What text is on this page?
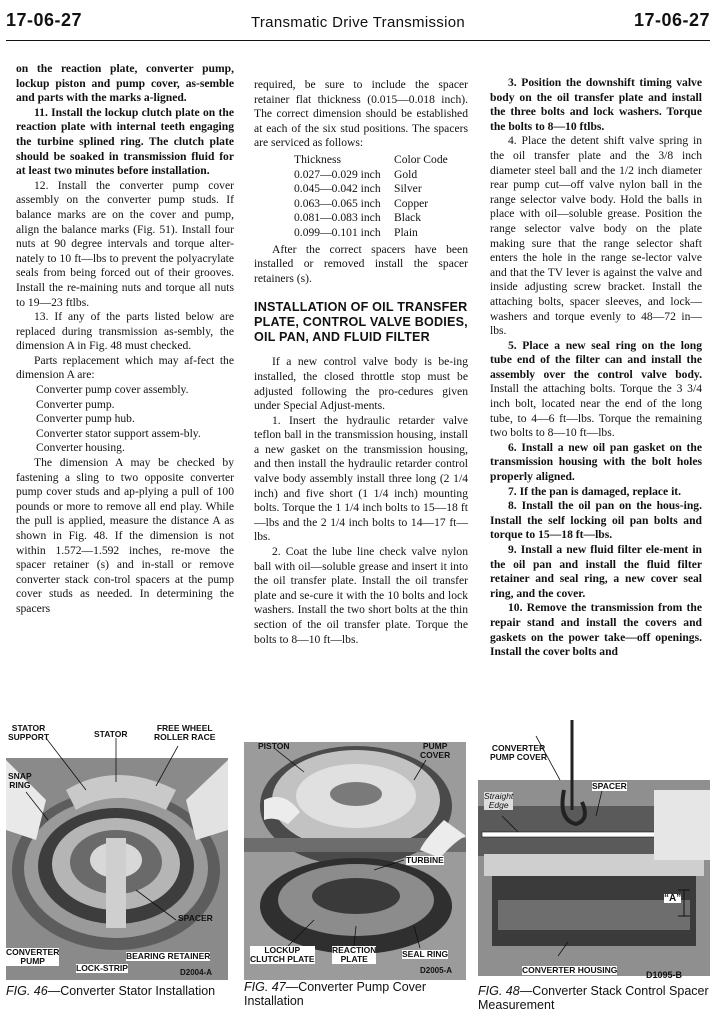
17-06-27	Transmatic Drive Transmission	17-06-27

on the reaction plate, converter pump, lockup piston and pump cover, as-semble and parts with the marks a-ligned.

11. Install the lockup clutch plate on the reaction plate with internal teeth engaging the turbine splined ring. The clutch plate should be soaked in transmission fluid for at least two minutes before installation.

12. Install the converter pump cover assembly on the converter pump studs. If balance marks are on the cover and pump, align the balance marks (Fig. 51). Install four nuts at 90 degree intervals and torque alter-nately to 10 ft—lbs to prevent the polyacrylate seals from being forced out of their grooves. Install the re-maining nuts and torque all nuts to 19—23 ftlbs.

13. If any of the parts listed below are replaced during transmission as-sembly, the dimension A in Fig. 48 must checked.

Parts replacement which may af-fect the dimension A are:

Converter pump cover assembly.

Converter pump.

Converter pump hub.

Converter stator support assem-bly.

Converter housing.

The dimension A may be checked by fastening a sling to two opposite converter pump cover studs and ap-plying a pull of 100 pounds or more to remove all end play. While the pull is applied, measure the distance A as shown in Fig. 48. If the dimension is not within 1.572—1.592 inches, re-move the spacer retainer (s) and in-stall or remove converter stack con-trol spacers at the pump cover studs as needed. In determining the spacers

required, be sure to include the spacer retainer flat thickness (0.015—0.018 inch). The correct dimension should be established at each of the six stud positions. The spacers are serviced as follows:

Thickness	Color Code
0.027—0.029 inch	Gold
0.045—0.042 inch	Silver
0.063—0.065 inch	Copper
0.081—0.083 inch	Black
0.099—0.101 inch	Plain

After the correct spacers have been installed or removed install the spacer retainers (s).

INSTALLATION OF OIL TRANSFER PLATE, CONTROL VALVE BODIES, OIL PAN, AND FLUID FILTER

If a new control valve body is be-ing installed, the closed throttle stop must be adjusted following the pro-cedures given under Special Adjust-ments.

1. Insert the hydraulic retarder valve teflon ball in the transmission housing, install a new gasket on the transmission housing, and then install the hydraulic retarder control valve body assembly install three long (2 1/4 inch) and five short (1 1/4 inch) mounting bolts. Torque the 1 1/4 inch bolts to 15—18 ft—lbs and the 2 1/4 inch bolts to 14—17 ft—lbs.

2. Coat the lube line check valve nylon ball with oil—soluble grease and insert it into the oil transfer plate. Install the oil transfer plate and se-cure it with the 10 bolts and lock washers. Install the two short bolts at the thin section of the oil transfer plate. Torque the bolts to 8—10 ft—lbs.

3. Position the downshift timing valve body on the oil transfer plate and install the three bolts and lock washers. Torque the bolts to 8—10 ftlbs.

4. Place the detent shift valve spring in the oil transfer plate and the 3/8 inch diameter steel ball and the 1/2 inch diameter rear pump cut—off valve nylon ball in the range selector valve body. Hold the balls in place with oil—soluble grease. Position the range selector valve body on the plate making sure that the range selector shaft enters the hole in the range se-lector valve and that the TV lever is against the valve and inside adjusting screw bracket. Install the attaching bolts, spacer sleeves, and lock—washers and torque evenly to 48—72 in—lbs.

5. Place a new seal ring on the long tube end of the filter can and install the assembly over the control valve body. Install the attaching bolts. Torque the 3 3/4 inch bolt, located near the end of the long tube, to 4—6 ft—lbs. Torque the remaining two bolts to 8—10 ft—lbs.

6. Install a new oil pan gasket on the transmission housing with the bolt holes properly aligned.

7. If the pan is damaged, replace it.

8. Install the oil pan on the hous-ing. Install the self locking oil pan bolts and torque to 15—18 ft—lbs.

9. Install a new fluid filter ele-ment in the oil pan and install the fluid filter retainer and seal ring, a new cover seal ring, and the cover.

10. Remove the transmission from the repair stand and install the covers and gaskets on the power take—off openings. Install the cover bolts and

STATOR
SUPPORT	STATOR
FREE WHEEL
ROLLER RACE
SNAP
RING
SPACER
CONVERTER
PUMP
LOCK-STRIP
BEARING RETAINER
D2004-A
FIG. 46—Converter Stator Installation
PISTON	PUMP
COVER
TURBINE
LOCKUP
CLUTCH PLATE
REACTION
PLATE	SEAL RING
D2005-A
FIG. 47—Converter Pump Cover Installation
CONVERTER
PUMP COVER
SPACER
Straight
Edge
“A”
CONVERTER HOUSING	D1095-B
FIG. 48—Converter Stack Control Spacer Measurement
